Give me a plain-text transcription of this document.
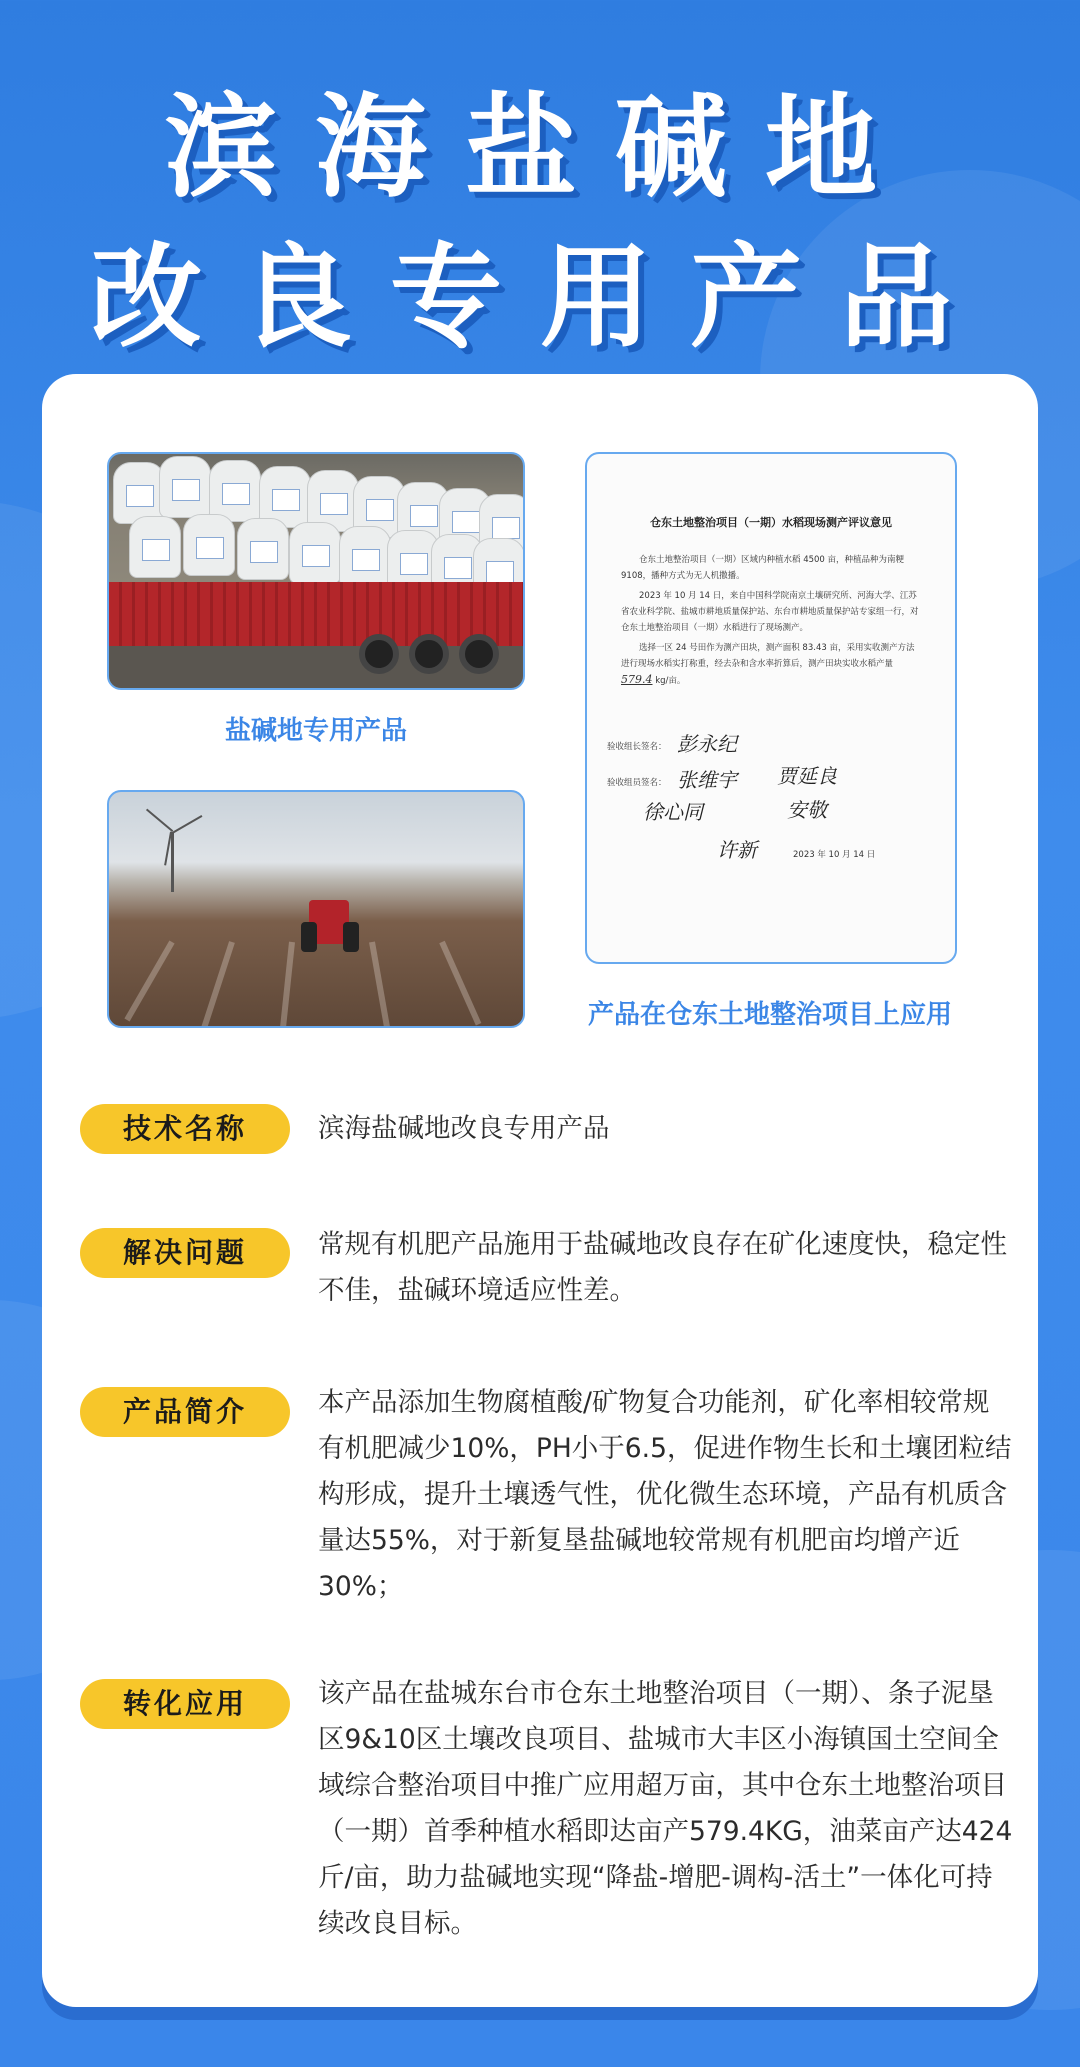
滨海盐碱地
改良专用产品
盐碱地专用产品
仓东土地整治项目（一期）水稻现场测产评议意见
仓东土地整治项目（一期）区域内种植水稻 4500 亩，种植品种为南粳 9108，播种方式为无人机撒播。
2023 年 10 月 14 日，来自中国科学院南京土壤研究所、河海大学、江苏省农业科学院、盐城市耕地质量保护站、东台市耕地质量保护站专家组一行，对仓东土地整治项目（一期）水稻进行了现场测产。
选择一区 24 号田作为测产田块，测产面积 83.43 亩，采用实收测产方法进行现场水稻实打称重，经去杂和含水率折算后，测产田块实收水稻产量 579.4 kg/亩。
验收组长签名： 彭永纪
验收组员签名： 张维宇 贾延良
徐心同	安敬
许新	2023 年 10 月 14 日
产品在仓东土地整治项目上应用
技术名称	滨海盐碱地改良专用产品
解决问题	常规有机肥产品施用于盐碱地改良存在矿化速度快，稳定性不佳，盐碱环境适应性差。
产品简介	本产品添加生物腐植酸/矿物复合功能剂，矿化率相较常规有机肥减少10%，PH小于6.5，促进作物生长和土壤团粒结构形成，提升土壤透气性，优化微生态环境，产品有机质含量达55%，对于新复垦盐碱地较常规有机肥亩均增产近30%；
转化应用	该产品在盐城东台市仓东土地整治项目（一期）、条子泥垦区9&10区土壤改良项目、盐城市大丰区小海镇国土空间全域综合整治项目中推广应用超万亩，其中仓东土地整治项目（一期）首季种植水稻即达亩产579.4KG，油菜亩产达424斤/亩，助力盐碱地实现“降盐-增肥-调构-活土”一体化可持续改良目标。
